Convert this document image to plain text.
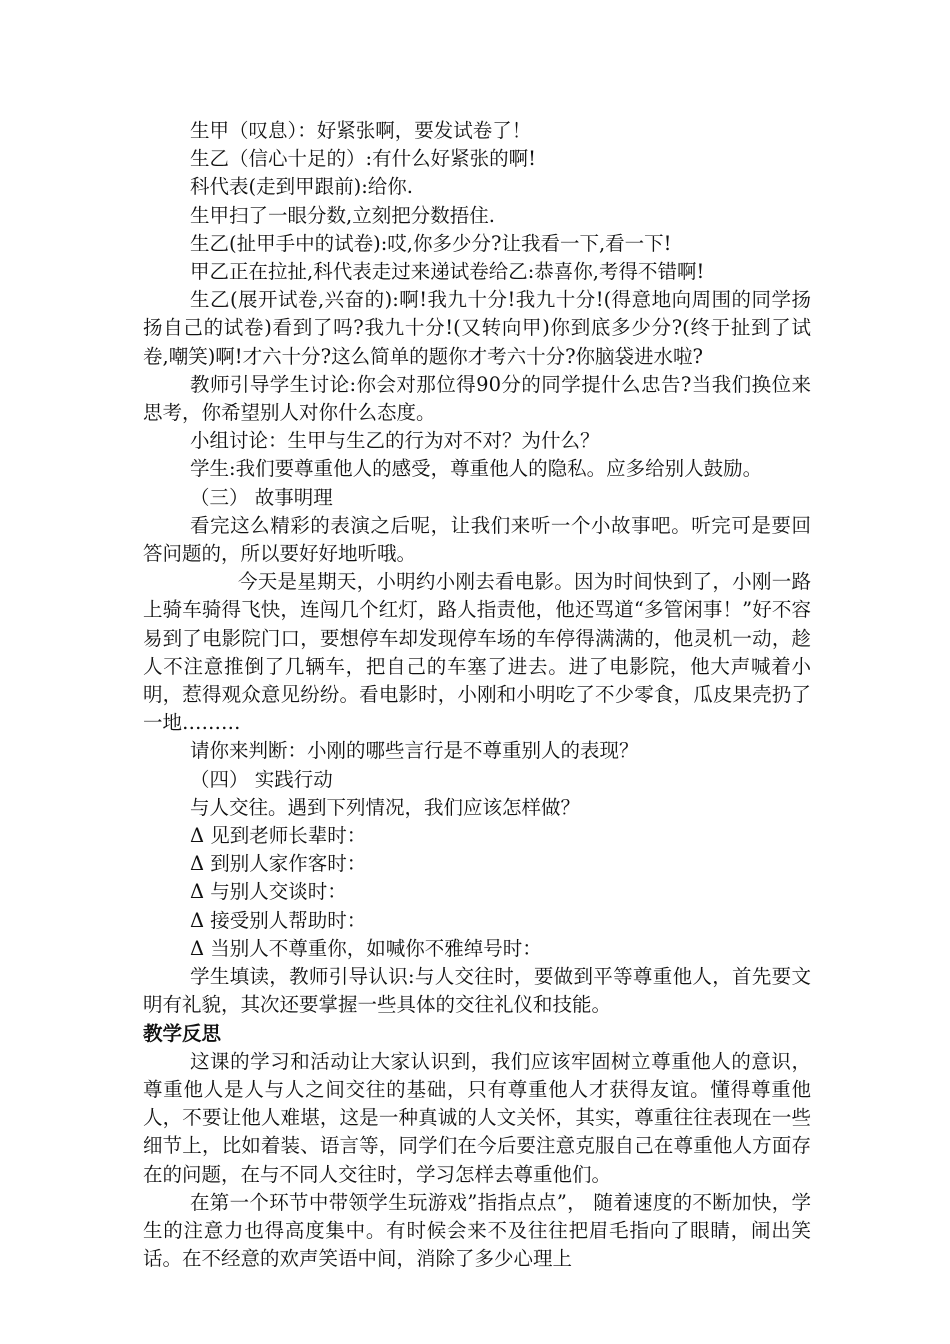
生甲（叹息）：好紧张啊，要发试卷了！

生乙（信心十足的）:有什么好紧张的啊!

科代表(走到甲跟前):给你.

生甲扫了一眼分数,立刻把分数捂住.

生乙(扯甲手中的试卷):哎,你多少分?让我看一下,看一下!

甲乙正在拉扯,科代表走过来递试卷给乙:恭喜你,考得不错啊!

生乙(展开试卷,兴奋的):啊!我九十分!我九十分!(得意地向周围的同学扬扬自己的试卷)看到了吗?我九十分!(又转向甲)你到底多少分?(终于扯到了试卷,嘲笑)啊!才六十分?这么简单的题你才考六十分?你脑袋进水啦?

教师引导学生讨论:你会对那位得90分的同学提什么忠告?当我们换位来思考，你希望别人对你什么态度。

小组讨论：生甲与生乙的行为对不对？为什么？

学生:我们要尊重他人的感受，尊重他人的隐私。应多给别人鼓励。

（三） 故事明理

看完这么精彩的表演之后呢，让我们来听一个小故事吧。听完可是要回答问题的，所以要好好地听哦。

今天是星期天，小明约小刚去看电影。因为时间快到了，小刚一路上骑车骑得飞快，连闯几个红灯，路人指责他，他还骂道“多管闲事！”好不容易到了电影院门口，要想停车却发现停车场的车停得满满的，他灵机一动，趁人不注意推倒了几辆车，把自己的车塞了进去。进了电影院，他大声喊着小明，惹得观众意见纷纷。看电影时，小刚和小明吃了不少零食，瓜皮果壳扔了一地………

请你来判断：小刚的哪些言行是不尊重别人的表现？

（四） 实践行动

与人交往。遇到下列情况，我们应该怎样做？

Δ 见到老师长辈时：

Δ 到别人家作客时：

Δ 与别人交谈时：

Δ 接受别人帮助时：

Δ 当别人不尊重你，如喊你不雅绰号时：

学生填读，教师引导认识:与人交往时，要做到平等尊重他人，首先要文明有礼貌，其次还要掌握一些具体的交往礼仪和技能。

教学反思

这课的学习和活动让大家认识到，我们应该牢固树立尊重他人的意识，尊重他人是人与人之间交往的基础，只有尊重他人才获得友谊。懂得尊重他人，不要让他人难堪，这是一种真诚的人文关怀，其实，尊重往往表现在一些细节上，比如着装、语言等，同学们在今后要注意克服自己在尊重他人方面存在的问题，在与不同人交往时，学习怎样去尊重他们。

在第一个环节中带领学生玩游戏”指指点点”， 随着速度的不断加快，学生的注意力也得高度集中。有时候会来不及往往把眉毛指向了眼睛，闹出笑话。在不经意的欢声笑语中间，消除了多少心理上
